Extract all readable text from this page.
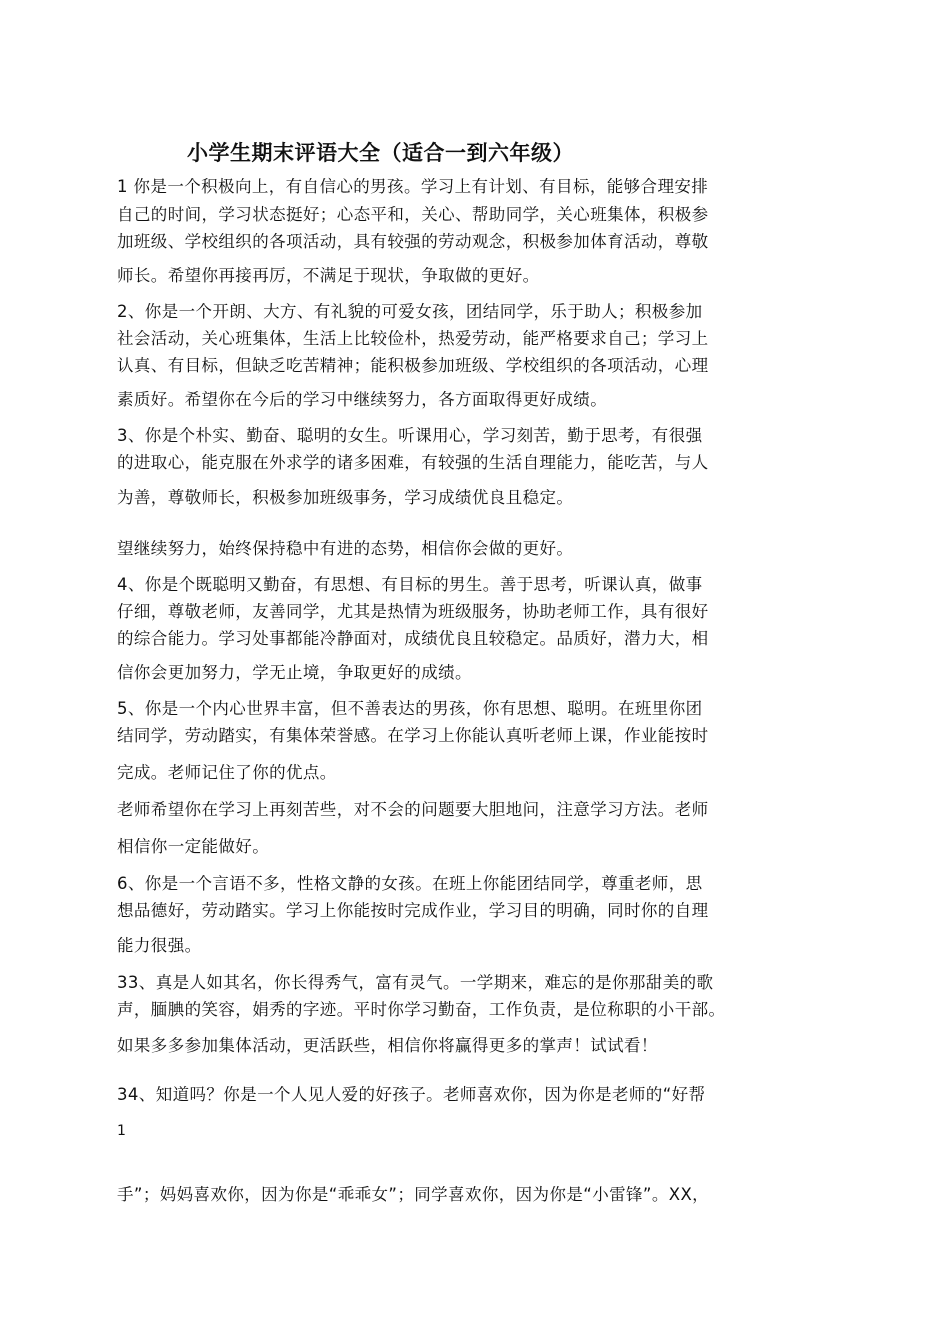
小学生期末评语大全（适合一到六年级）
1 你是一个积极向上，有自信心的男孩。学习上有计划、有目标，能够合理安排
自己的时间，学习状态挺好；心态平和，关心、帮助同学，关心班集体，积极参
加班级、学校组织的各项活动，具有较强的劳动观念，积极参加体育活动，尊敬
师长。希望你再接再厉，不满足于现状，争取做的更好。
2、你是一个开朗、大方、有礼貌的可爱女孩，团结同学，乐于助人；积极参加
社会活动，关心班集体，生活上比较俭朴，热爱劳动，能严格要求自己；学习上
认真、有目标，但缺乏吃苦精神；能积极参加班级、学校组织的各项活动，心理
素质好。希望你在今后的学习中继续努力，各方面取得更好成绩。
3、你是个朴实、勤奋、聪明的女生。听课用心，学习刻苦，勤于思考，有很强
的进取心，能克服在外求学的诸多困难，有较强的生活自理能力，能吃苦，与人
为善，尊敬师长，积极参加班级事务，学习成绩优良且稳定。
望继续努力，始终保持稳中有进的态势，相信你会做的更好。
4、你是个既聪明又勤奋，有思想、有目标的男生。善于思考，听课认真，做事
仔细，尊敬老师，友善同学，尤其是热情为班级服务，协助老师工作，具有很好
的综合能力。学习处事都能冷静面对，成绩优良且较稳定。品质好，潜力大，相
信你会更加努力，学无止境，争取更好的成绩。
5、你是一个内心世界丰富，但不善表达的男孩，你有思想、聪明。在班里你团
结同学，劳动踏实，有集体荣誉感。在学习上你能认真听老师上课，作业能按时
完成。老师记住了你的优点。
老师希望你在学习上再刻苦些，对不会的问题要大胆地问，注意学习方法。老师
相信你一定能做好。
6、你是一个言语不多，性格文静的女孩。在班上你能团结同学，尊重老师，思
想品德好，劳动踏实。学习上你能按时完成作业，学习目的明确，同时你的自理
能力很强。
33、真是人如其名，你长得秀气，富有灵气。一学期来，难忘的是你那甜美的歌
声，腼腆的笑容，娟秀的字迹。平时你学习勤奋，工作负责，是位称职的小干部。
如果多多参加集体活动，更活跃些，相信你将赢得更多的掌声！试试看！
34、知道吗？你是一个人见人爱的好孩子。老师喜欢你，因为你是老师的“好帮
1
手”；妈妈喜欢你，因为你是“乖乖女”；同学喜欢你，因为你是“小雷锋”。XX，
